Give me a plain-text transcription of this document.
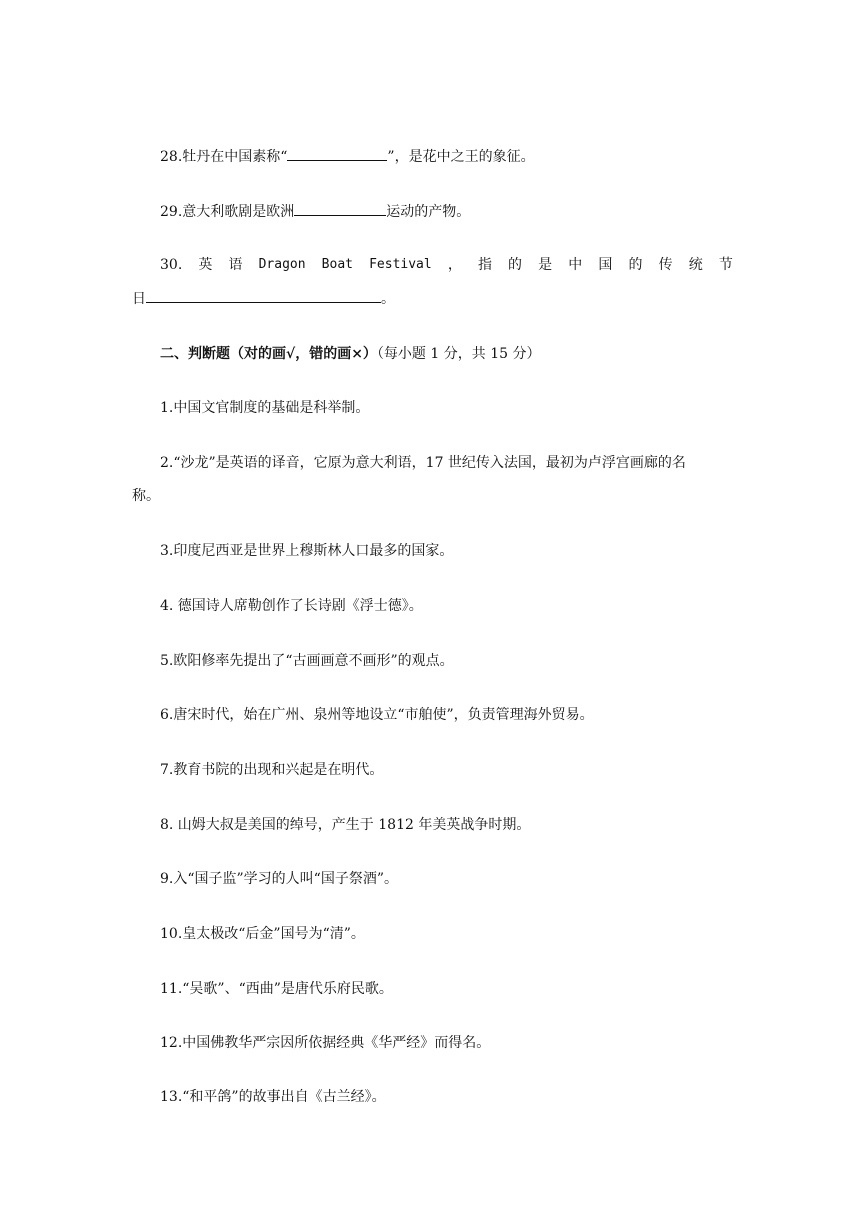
28.牡丹在中国素称“	”，是花中之王的象征。
29.意大利歌剧是欧洲	运动的产物。
30. 英 语 Dragon Boat Festival ， 指 的 是 中 国 的 传 统 节
日	。
二、判断题（对的画√，错的画×）（每小题 1 分，共 15 分）
1.中国文官制度的基础是科举制。
2.“沙龙”是英语的译音，它原为意大利语，17 世纪传入法国，最初为卢浮宫画廊的名
称。
3.印度尼西亚是世界上穆斯林人口最多的国家。
4. 德国诗人席勒创作了长诗剧《浮士德》。
5.欧阳修率先提出了“古画画意不画形”的观点。
6.唐宋时代，始在广州、泉州等地设立“市舶使”，负责管理海外贸易。
7.教育书院的出现和兴起是在明代。
8. 山姆大叔是美国的绰号，产生于 1812 年美英战争时期。
9.入“国子监”学习的人叫“国子祭酒”。
10.皇太极改“后金”国号为“清”。
11.“吴歌”、“西曲”是唐代乐府民歌。
12.中国佛教华严宗因所依据经典《华严经》而得名。
13.“和平鸽”的故事出自《古兰经》。
